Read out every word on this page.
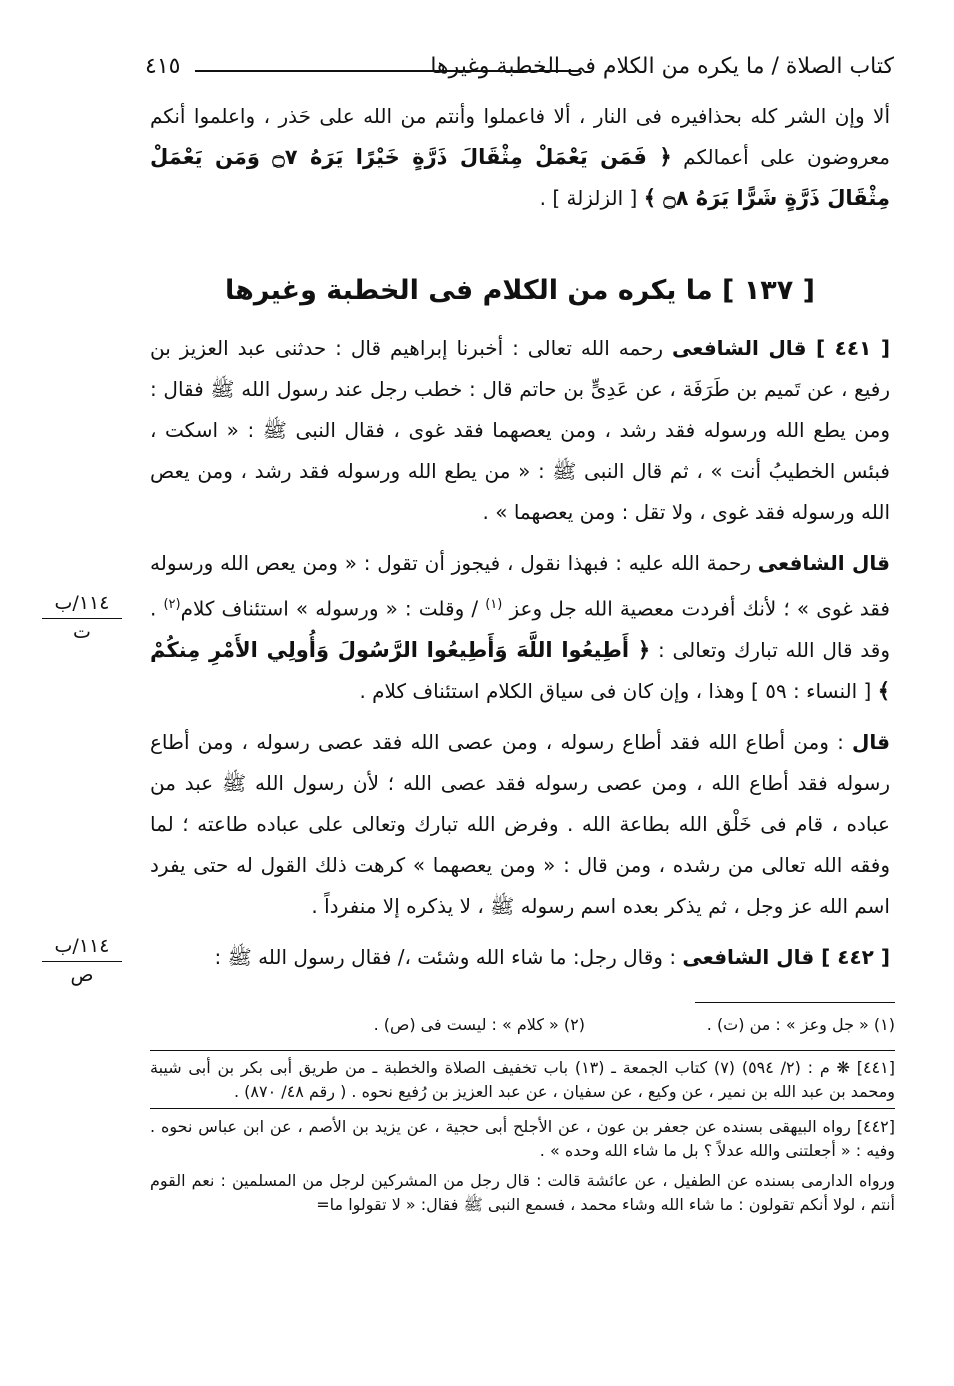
كتاب الصلاة / ما يكره من الكلام فى الخطبة وغيرها
٤١٥

ألا وإن الشر كله بحذافيره فى النار ، ألا فاعملوا وأنتم من الله على حَذر ، واعلموا أنكم معروضون على أعمالكم ﴿ فَمَن يَعْمَلْ مِثْقَالَ ذَرَّةٍ خَيْرًا يَرَهُ ۝٧ وَمَن يَعْمَلْ مِثْقَالَ ذَرَّةٍ شَرًّا يَرَهُ ۝٨ ﴾ [ الزلزلة ] .

[ ١٣٧ ] ما يكره من الكلام فى الخطبة وغيرها

[ ٤٤١ ] قال الشافعى رحمه الله تعالى : أخبرنا إبراهيم قال : حدثنى عبد العزيز بن رفيع ، عن تَميم بن طَرَفَة ، عن عَدِىٍّ بن حاتم قال : خطب رجل عند رسول الله ﷺ فقال : ومن يطع الله ورسوله فقد رشد ، ومن يعصهما فقد غوى ، فقال النبى ﷺ : « اسكت ، فبئس الخطيبُ أنت » ، ثم قال النبى ﷺ : « من يطع الله ورسوله فقد رشد ، ومن يعص الله ورسوله فقد غوى ، ولا تقل : ومن يعصهما » .

قال الشافعى رحمة الله عليه : فبهذا نقول ، فيجوز أن تقول : « ومن يعص الله ورسوله فقد غوى » ؛ لأنك أفردت معصية الله جل وعز $^{(١)}$ / وقلت : « ورسوله » استئناف كلام$^{(٢)}$ . وقد قال الله تبارك وتعالى : ﴿ أَطِيعُوا اللَّهَ وَأَطِيعُوا الرَّسُولَ وَأُولِي الأَمْرِ مِنكُمْ ﴾ [ النساء : ٥٩ ] وهذا ، وإن كان فى سياق الكلام استئناف كلام .

قال : ومن أطاع الله فقد أطاع رسوله ، ومن عصى الله فقد عصى رسوله ، ومن أطاع رسوله فقد أطاع الله ، ومن عصى رسوله فقد عصى الله ؛ لأن رسول الله ﷺ عبد من عباده ، قام فى خَلْق الله بطاعة الله . وفرض الله تبارك وتعالى على عباده طاعته ؛ لما وفقه الله تعالى من رشده ، ومن قال : « ومن يعصهما » كرهت ذلك القول له حتى يفرد اسم الله عز وجل ، ثم يذكر بعده اسم رسوله ﷺ ، لا يذكره إلا منفرداً .

[ ٤٤٢ ] قال الشافعى : وقال رجل: ما شاء الله وشئت ،/ فقال رسول الله ﷺ :

١١٤/ب
ت
١١٤/ب
ص
(١) « جل وعز » : من (ت) .
(٢) « كلام » : ليست فى (ص) .

[٤٤١] ❋ م : (٢/ ٥٩٤) (٧) كتاب الجمعة ـ (١٣) باب تخفيف الصلاة والخطبة ـ من طريق أبى بكر بن أبى شيبة ومحمد بن عبد الله بن نمير ، عن وكيع ، عن سفيان ، عن عبد العزيز بن رُفيع نحوه . ( رقم ٤٨/ ٨٧٠) .

[٤٤٢] رواه البيهقى بسنده عن جعفر بن عون ، عن الأجلح أبى حجية ، عن يزيد بن الأصم ، عن ابن عباس نحوه . وفيه : « أجعلتنى والله عدلاً ؟ بل ما شاء الله وحده » .

ورواه الدارمى بسنده عن الطفيل ، عن عائشة قالت : قال رجل من المشركين لرجل من المسلمين : نعم القوم أنتم ، لولا أنكم تقولون : ما شاء الله وشاء محمد ، فسمع النبى ﷺ فقال: « لا تقولوا ما=
